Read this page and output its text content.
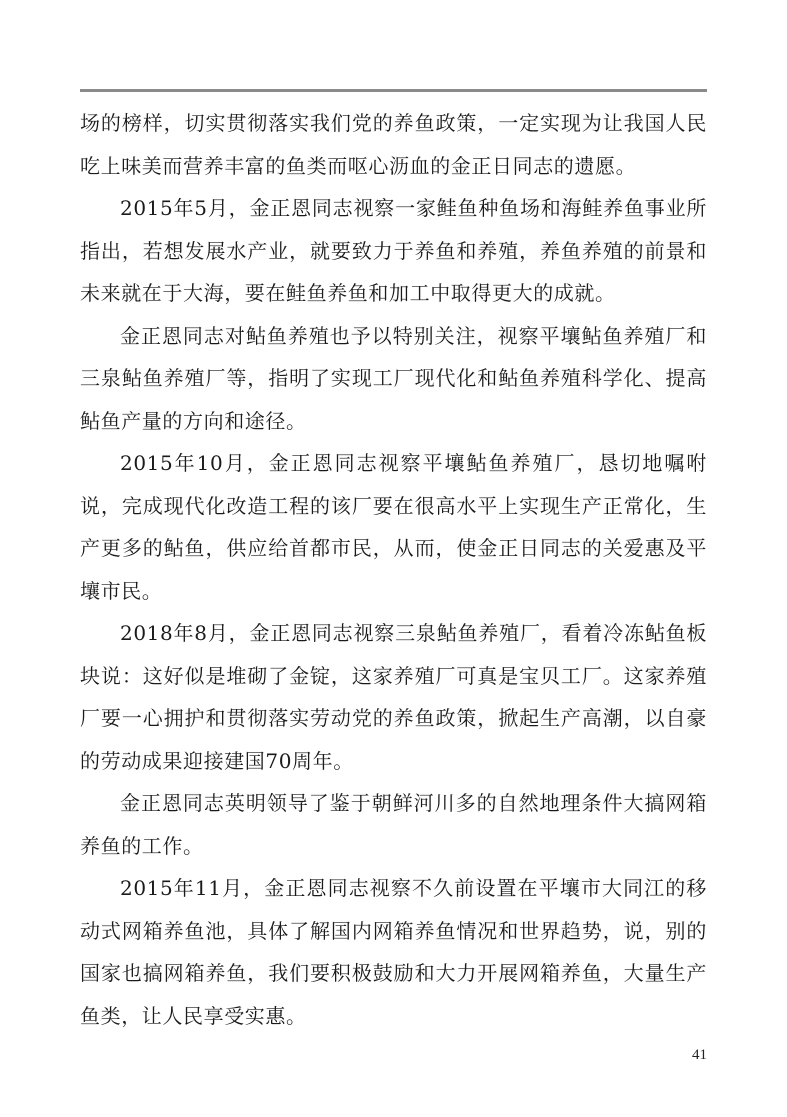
场的榜样，切实贯彻落实我们党的养鱼政策，一定实现为让我国人民吃上味美而营养丰富的鱼类而呕心沥血的金正日同志的遗愿。

2015年5月，金正恩同志视察一家鲑鱼种鱼场和海鲑养鱼事业所指出，若想发展水产业，就要致力于养鱼和养殖，养鱼养殖的前景和未来就在于大海，要在鲑鱼养鱼和加工中取得更大的成就。

金正恩同志对鲇鱼养殖也予以特别关注，视察平壤鲇鱼养殖厂和三泉鲇鱼养殖厂等，指明了实现工厂现代化和鲇鱼养殖科学化、提高鲇鱼产量的方向和途径。

2015年10月，金正恩同志视察平壤鲇鱼养殖厂，恳切地嘱咐说，完成现代化改造工程的该厂要在很高水平上实现生产正常化，生产更多的鲇鱼，供应给首都市民，从而，使金正日同志的关爱惠及平壤市民。

2018年8月，金正恩同志视察三泉鲇鱼养殖厂，看着冷冻鲇鱼板块说：这好似是堆砌了金锭，这家养殖厂可真是宝贝工厂。这家养殖厂要一心拥护和贯彻落实劳动党的养鱼政策，掀起生产高潮，以自豪的劳动成果迎接建国70周年。

金正恩同志英明领导了鉴于朝鲜河川多的自然地理条件大搞网箱养鱼的工作。

2015年11月，金正恩同志视察不久前设置在平壤市大同江的移动式网箱养鱼池，具体了解国内网箱养鱼情况和世界趋势，说，别的国家也搞网箱养鱼，我们要积极鼓励和大力开展网箱养鱼，大量生产鱼类，让人民享受实惠。

41
